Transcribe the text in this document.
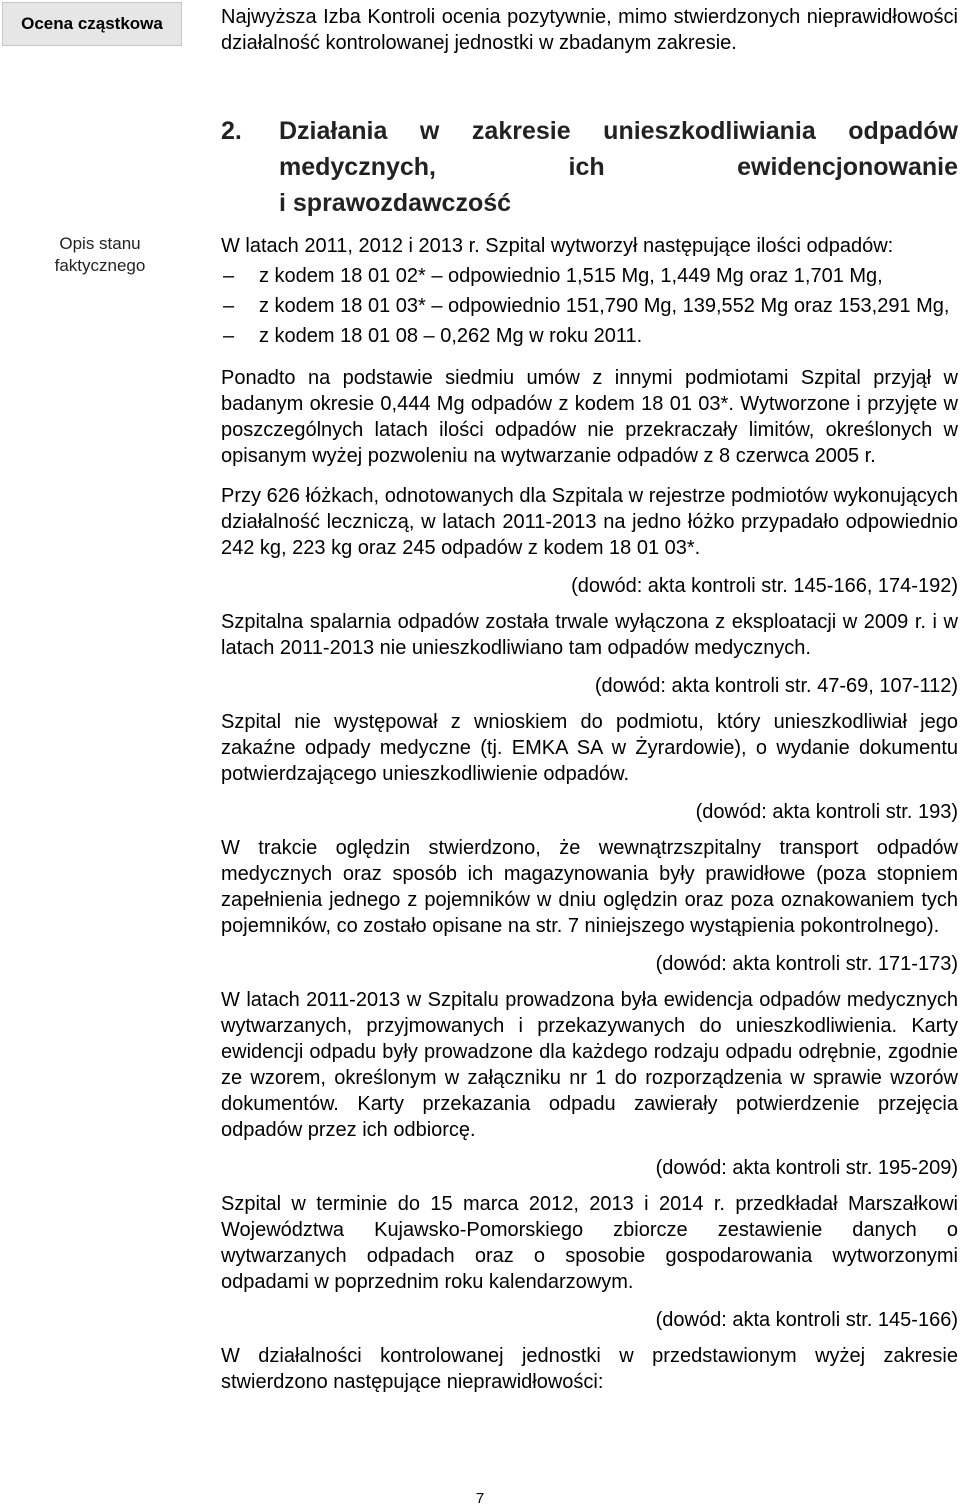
Ocena cząstkowa
Opis stanu
faktycznego

Najwyższa Izba Kontroli ocenia pozytywnie, mimo stwierdzonych nieprawidłowości działalność kontrolowanej jednostki w zbadanym zakresie.

2. Działania w zakresie unieszkodliwiania odpadów
medycznych, ich ewidencjonowanie
i sprawozdawczość

W latach 2011, 2012 i 2013 r. Szpital wytworzył następujące ilości odpadów:

– z kodem 18 01 02* – odpowiednio 1,515 Mg, 1,449 Mg oraz 1,701 Mg,
– z kodem 18 01 03* – odpowiednio 151,790 Mg, 139,552 Mg oraz 153,291 Mg,
– z kodem 18 01 08 – 0,262 Mg w roku 2011.

Ponadto na podstawie siedmiu umów z innymi podmiotami Szpital przyjął w badanym okresie 0,444 Mg odpadów z kodem 18 01 03*. Wytworzone i przyjęte w poszczególnych latach ilości odpadów nie przekraczały limitów, określonych w opisanym wyżej pozwoleniu na wytwarzanie odpadów z 8 czerwca 2005 r.

Przy 626 łóżkach, odnotowanych dla Szpitala w rejestrze podmiotów wykonujących działalność leczniczą, w latach 2011-2013 na jedno łóżko przypadało odpowiednio 242 kg, 223 kg oraz 245 odpadów z kodem 18 01 03*.

(dowód: akta kontroli str. 145-166, 174-192)

Szpitalna spalarnia odpadów została trwale wyłączona z eksploatacji w 2009 r. i w latach 2011-2013 nie unieszkodliwiano tam odpadów medycznych.

(dowód: akta kontroli str. 47-69, 107-112)

Szpital nie występował z wnioskiem do podmiotu, który unieszkodliwiał jego zakaźne odpady medyczne (tj. EMKA SA w Żyrardowie), o wydanie dokumentu potwierdzającego unieszkodliwienie odpadów.

(dowód: akta kontroli str. 193)

W trakcie oględzin stwierdzono, że wewnątrzszpitalny transport odpadów medycznych oraz sposób ich magazynowania były prawidłowe (poza stopniem zapełnienia jednego z pojemników w dniu oględzin oraz poza oznakowaniem tych pojemników, co zostało opisane na str. 7 niniejszego wystąpienia pokontrolnego).

(dowód: akta kontroli str. 171-173)

W latach 2011-2013 w Szpitalu prowadzona była ewidencja odpadów medycznych wytwarzanych, przyjmowanych i przekazywanych do unieszkodliwienia. Karty ewidencji odpadu były prowadzone dla każdego rodzaju odpadu odrębnie, zgodnie ze wzorem, określonym w załączniku nr 1 do rozporządzenia w sprawie wzorów dokumentów. Karty przekazania odpadu zawierały potwierdzenie przejęcia odpadów przez ich odbiorcę.

(dowód: akta kontroli str. 195-209)

Szpital w terminie do 15 marca 2012, 2013 i 2014 r. przedkładał Marszałkowi Województwa Kujawsko-Pomorskiego zbiorcze zestawienie danych o wytwarzanych odpadach oraz o sposobie gospodarowania wytworzonymi odpadami w poprzednim roku kalendarzowym.

(dowód: akta kontroli str. 145-166)

W działalności kontrolowanej jednostki w przedstawionym wyżej zakresie stwierdzono następujące nieprawidłowości:

7
